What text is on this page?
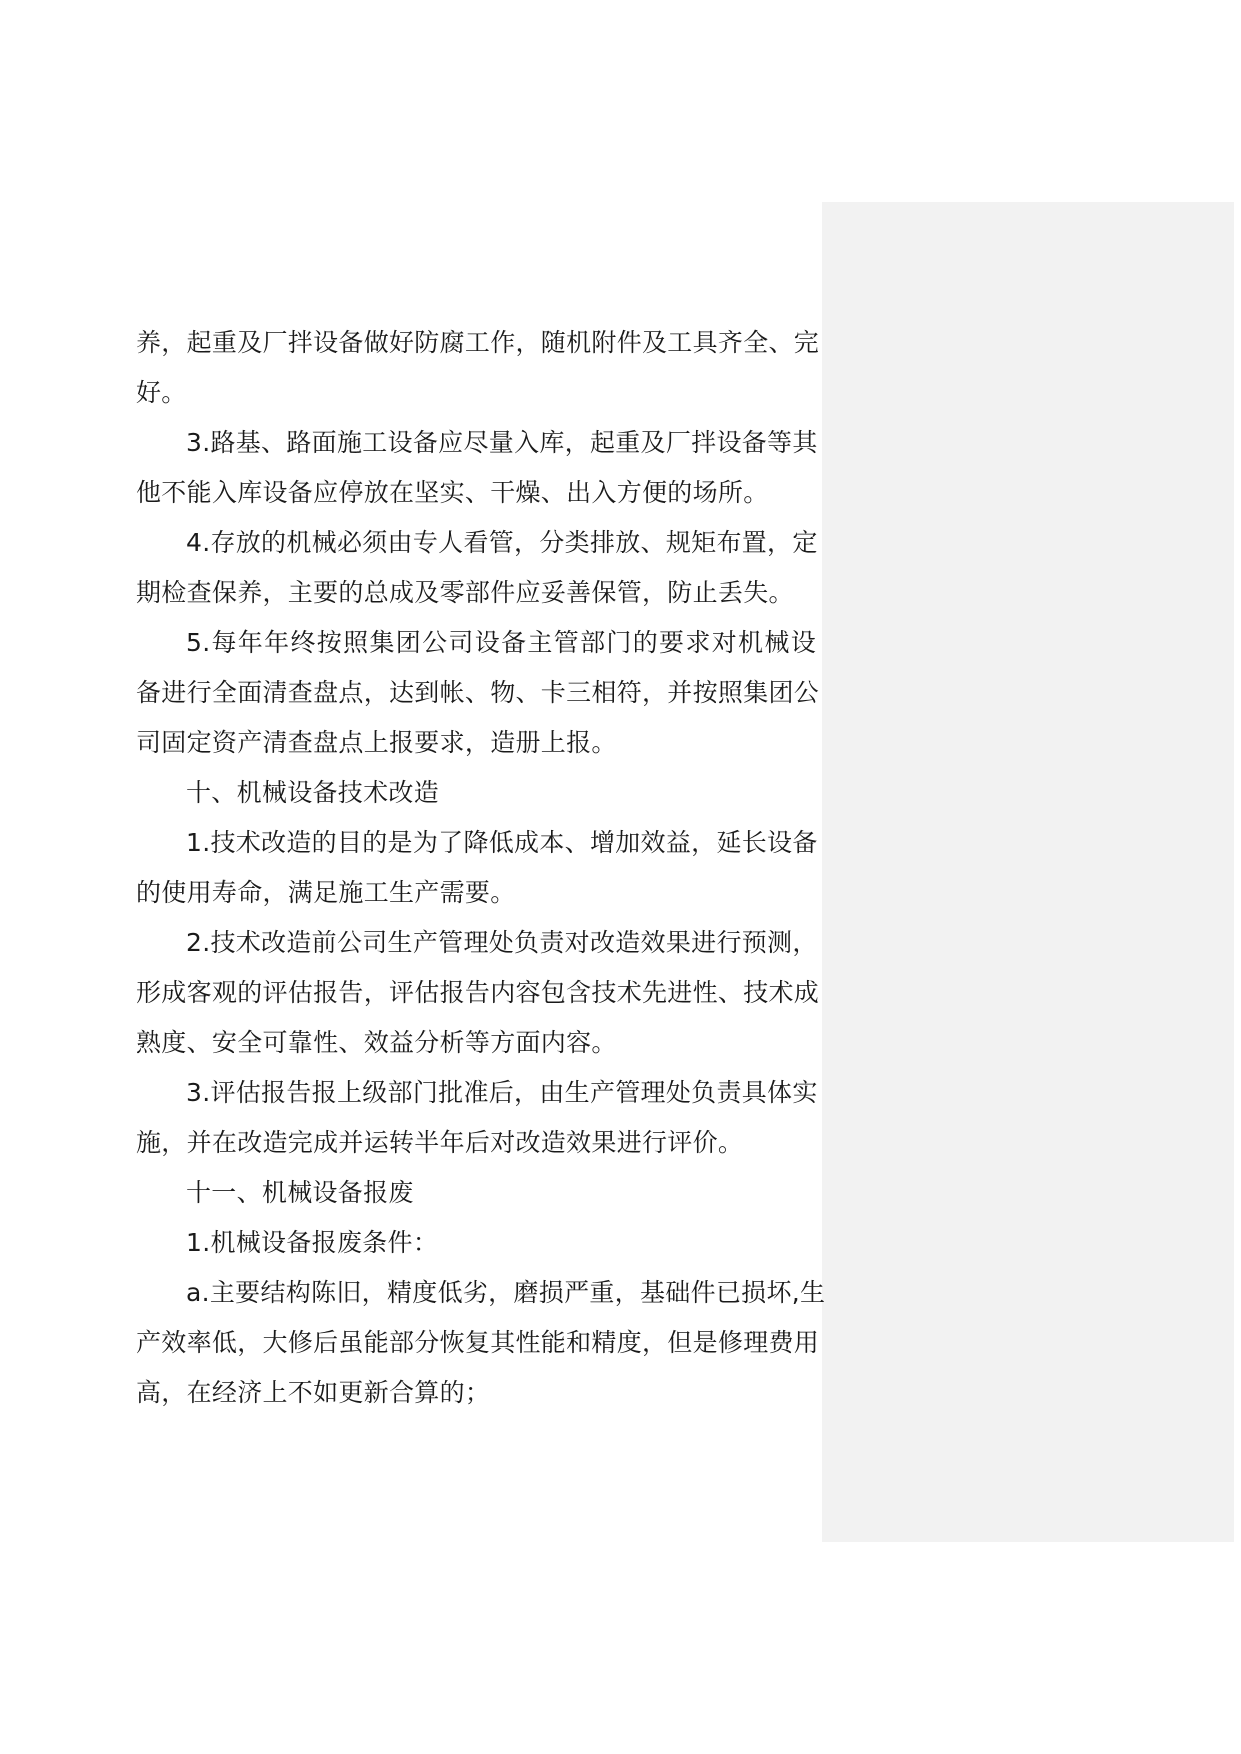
养，起重及厂拌设备做好防腐工作，随机附件及工具齐全、完
好。
3.路基、路面施工设备应尽量入库，起重及厂拌设备等其
他不能入库设备应停放在坚实、干燥、出入方便的场所。
4.存放的机械必须由专人看管，分类排放、规矩布置，定
期检查保养，主要的总成及零部件应妥善保管，防止丢失。
5.每年年终按照集团公司设备主管部门的要求对机械设
备进行全面清查盘点，达到帐、物、卡三相符，并按照集团公
司固定资产清查盘点上报要求，造册上报。
十、机械设备技术改造
1.技术改造的目的是为了降低成本、增加效益，延长设备
的使用寿命，满足施工生产需要。
2.技术改造前公司生产管理处负责对改造效果进行预测，
形成客观的评估报告，评估报告内容包含技术先进性、技术成
熟度、安全可靠性、效益分析等方面内容。
3.评估报告报上级部门批准后，由生产管理处负责具体实
施，并在改造完成并运转半年后对改造效果进行评价。
十一、机械设备报废
1.机械设备报废条件：
a.主要结构陈旧，精度低劣，磨损严重，基础件已损坏,生
产效率低，大修后虽能部分恢复其性能和精度，但是修理费用
高，在经济上不如更新合算的；
